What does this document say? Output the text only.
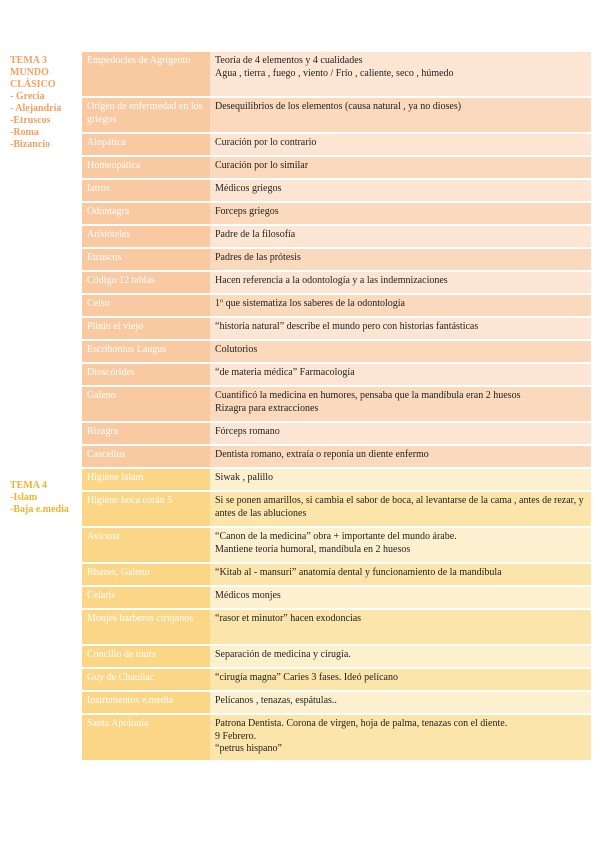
TEMA 3
MUNDO CLÁSICO
- Grecia
- Alejandría
-Etruscos
-Roma
-Bizancio
TEMA 4
-Islam
-Baja e.media
Empedocles de Agrigento	Teoría de 4 elementos y 4 cualidades
Agua , tierra , fuego , viento / Frío , caliente, seco , húmedo

Origen de enfermedad en los griegos	Desequilibrios de los elementos (causa natural , ya no dioses)

Alopática	Curación por lo contrario

Homeopática	Curación por lo similar

Iatros	Médicos griegos

Odontagra	Forceps griegos

Aristóteles	Padre de la filosofía

Etruscos	Padres de las prótesis

Código 12 tablas	Hacen referencia a la odontología y a las indemnizaciones

Celso	1º que sistematiza los saberes de la odontología

Plinio el viejo	“historia natural” describe el mundo pero con historias fantásticas

Escribonius Laugus	Colutorios

Dioscórides	“de materia médica” Farmacología

Galeno	Cuantificó la medicina en humores, pensaba que la mandíbula eran 2 huesos
Rizagra para extracciones

Rizagra	Fórceps romano

Cascelius	Dentista romano, extraía o reponía un diente enfermo

Higiene Islam	Siwak , palillo

Higiene boca corán 5	Si se ponen amarillos, si cambia el sabor de boca, al levantarse de la cama , antes de rezar, y antes de las abluciones

Avicena	“Canon de la medicina” obra + importante del mundo árabe.
Mantiene teoría humoral, mandíbula en 2 huesos

Rhazes, Galeno	“Kitab al - mansuri” anatomía dental y funcionamiento de la mandíbula

Celaris	Médicos monjes

Monjes barberos cirujanos	“rasor et minutor” hacen exodoncias

Concilio de tours	Separación de medicina y cirugía.

Guy de Chauliac	“cirugía magna” Caries 3 fases. Ideó pelícano

Instrumentos e.media	Pelícanos , tenazas, espátulas..

Santa Apolonia	Patrona Dentista. Corona de virgen, hoja de palma, tenazas con el diente.
9 Febrero.
“petrus hispano”
